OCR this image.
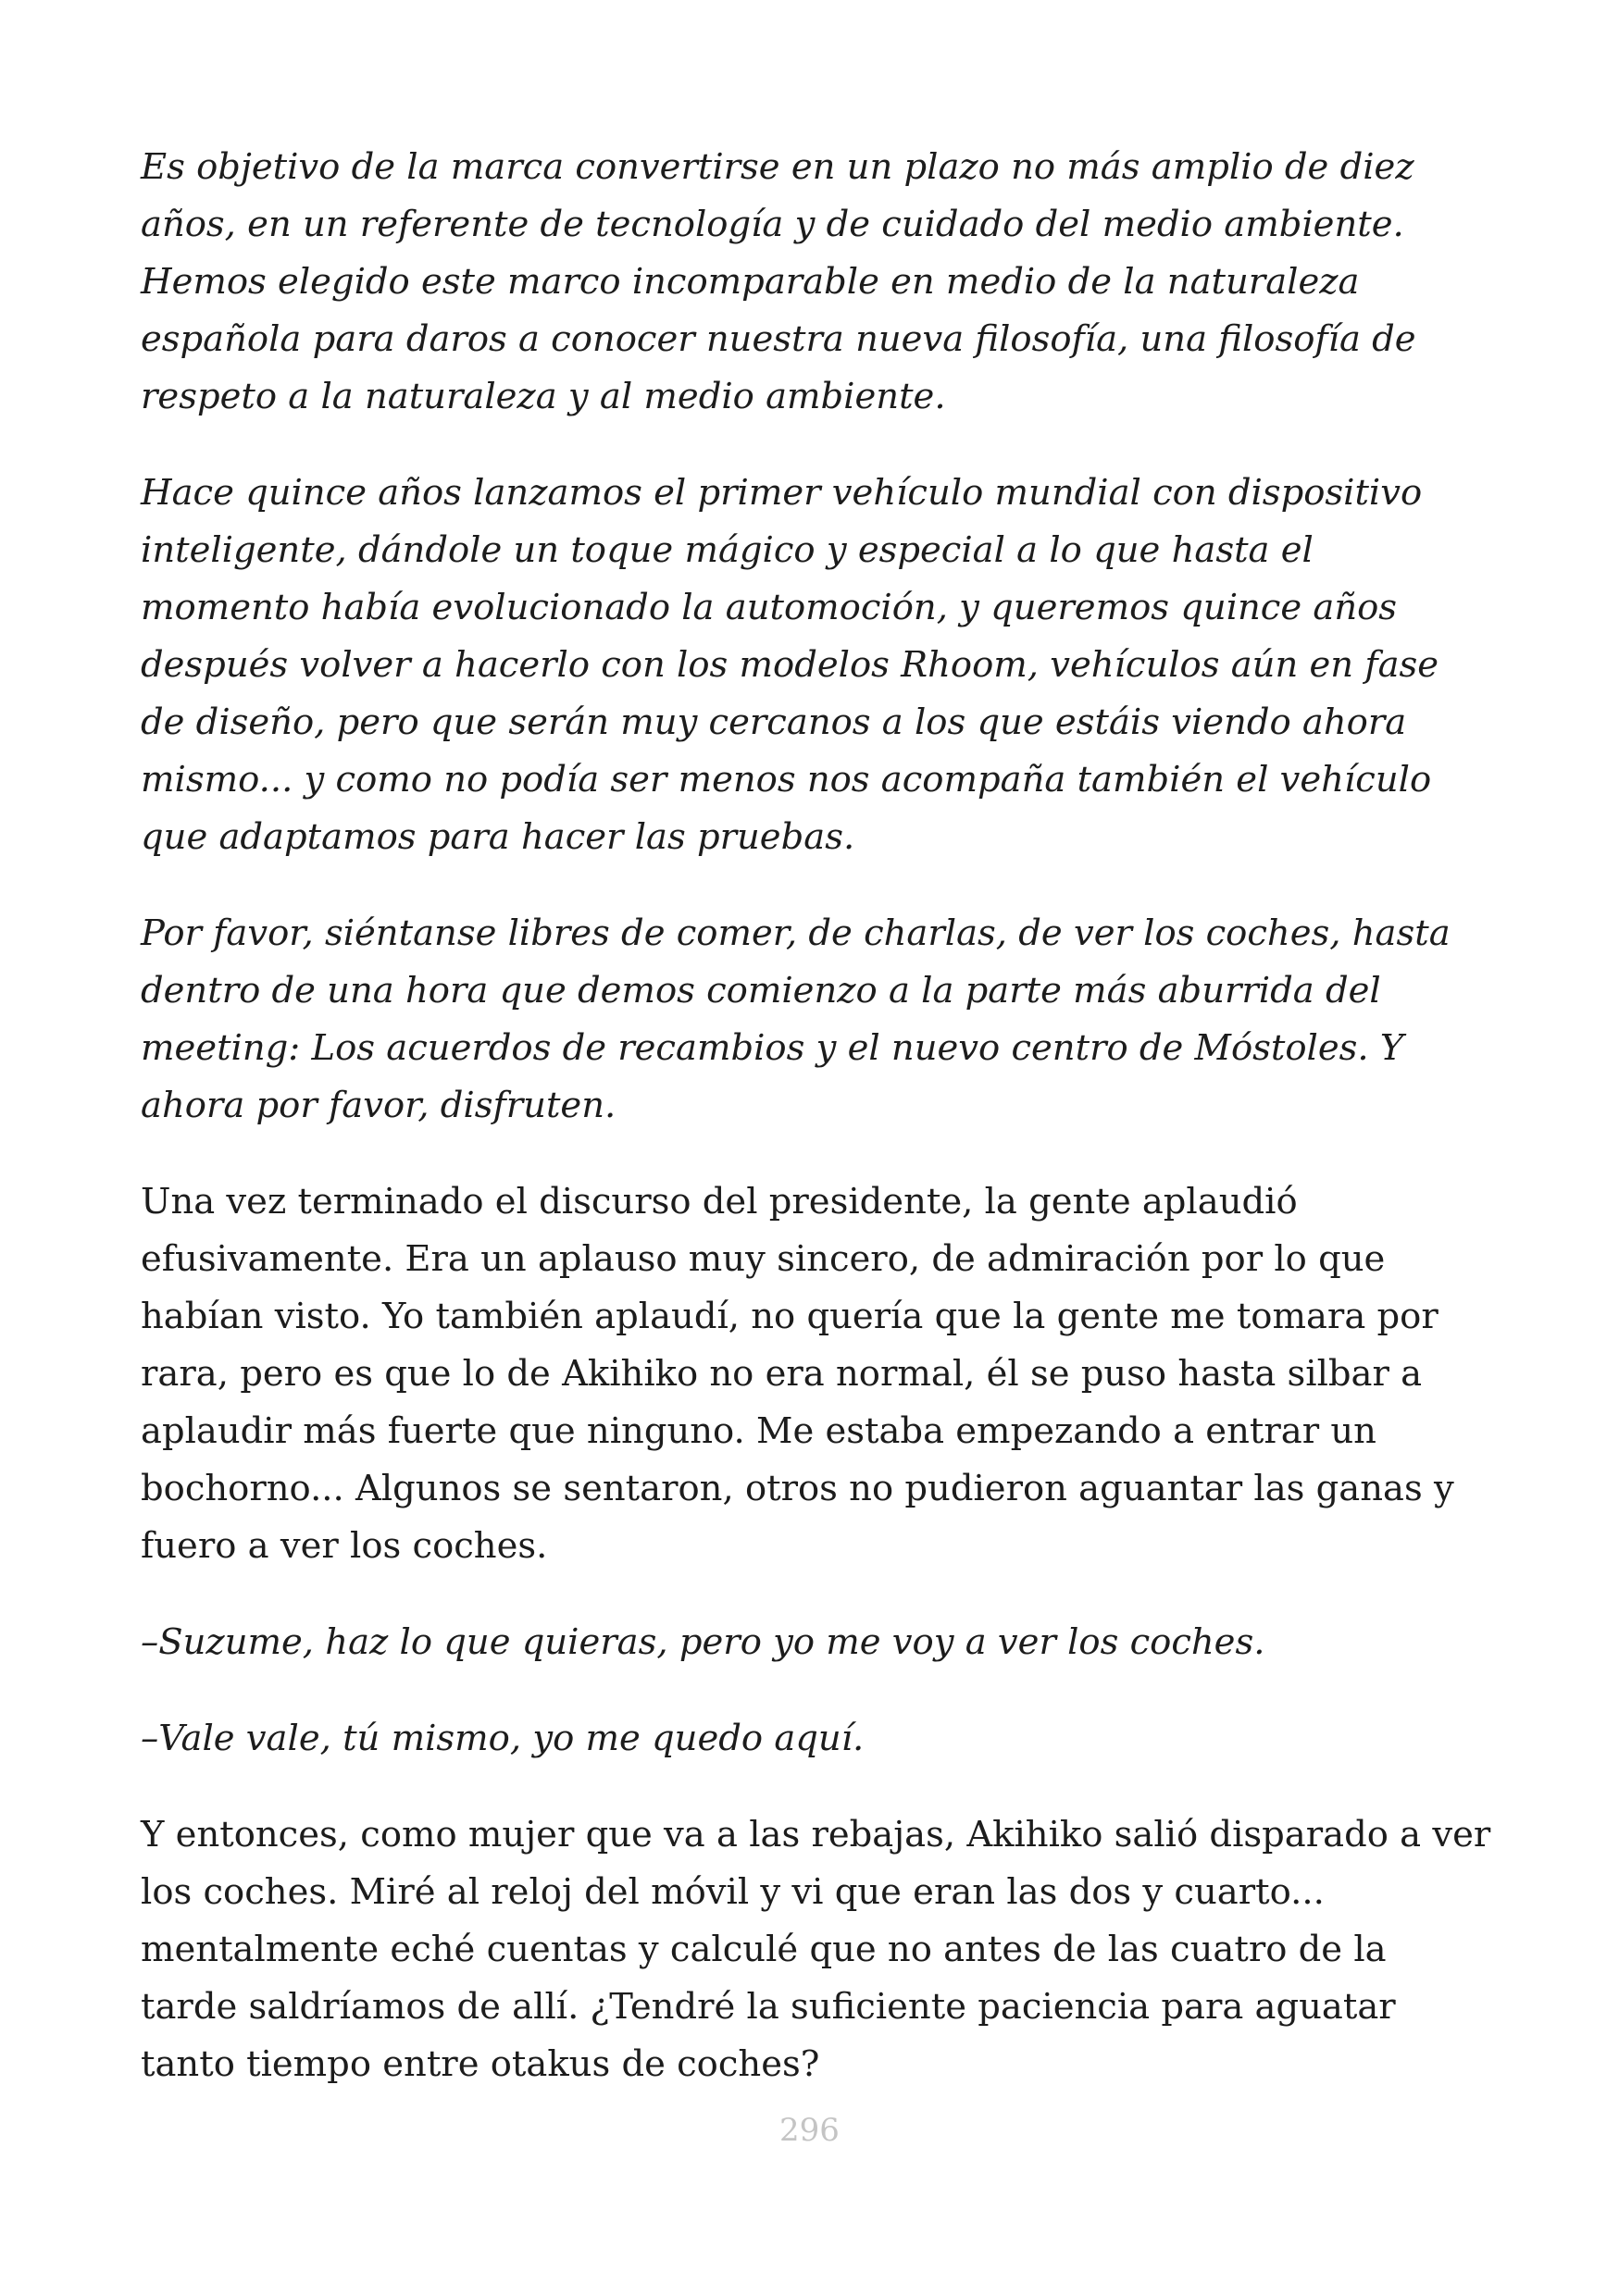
Es objetivo de la marca convertirse en un plazo no más amplio de diez años, en un referente de tecnología y de cuidado del medio ambiente. Hemos elegido este marco incomparable en medio de la naturaleza española para daros a conocer nuestra nueva filosofía, una filosofía de respeto a la naturaleza y al medio ambiente.

Hace quince años lanzamos el primer vehículo mundial con dispositivo inteligente, dándole un toque mágico y especial a lo que hasta el momento había evolucionado la automoción, y queremos quince años después volver a hacerlo con los modelos Rhoom, vehículos aún en fase de diseño, pero que serán muy cercanos a los que estáis viendo ahora mismo... y como no podía ser menos nos acompaña también el vehículo que adaptamos para hacer las pruebas.

Por favor, siéntanse libres de comer, de charlas, de ver los coches, hasta dentro de una hora que demos comienzo a la parte más aburrida del meeting: Los acuerdos de recambios y el nuevo centro de Móstoles. Y ahora por favor, disfruten.

Una vez terminado el discurso del presidente, la gente aplaudió efusivamente. Era un aplauso muy sincero, de admiración por lo que habían visto. Yo también aplaudí, no quería que la gente me tomara por rara, pero es que lo de Akihiko no era normal, él se puso hasta silbar a aplaudir más fuerte que ninguno. Me estaba empezando a entrar un bochorno... Algunos se sentaron, otros no pudieron aguantar las ganas y fuero a ver los coches.

–Suzume, haz lo que quieras, pero yo me voy a ver los coches.

–Vale vale, tú mismo, yo me quedo aquí.

Y entonces, como mujer que va a las rebajas, Akihiko salió disparado a ver los coches. Miré al reloj del móvil y vi que eran las dos y cuarto... mentalmente eché cuentas y calculé que no antes de las cuatro de la tarde saldríamos de allí. ¿Tendré la suficiente paciencia para aguatar tanto tiempo entre otakus de coches?

296
